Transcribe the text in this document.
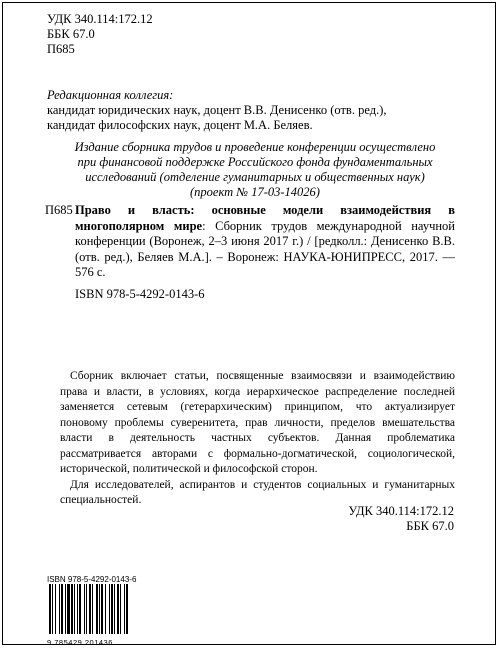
УДК 340.114:172.12
ББК 67.0
П685
Редакционная коллегия:
кандидат юридических наук, доцент В.В. Денисенко (отв. ред.),
кандидат философских наук, доцент М.А. Беляев.
Издание сборника трудов и проведение конференции осуществлено
при финансовой поддержке Российского фонда фундаментальных
исследований (отделение гуманитарных и общественных наук)
(проект № 17-03-14026)
П685 Право и власть: основные модели взаимодействия в многополярном мире: Сборник трудов международной научной конференции (Воронеж, 2–3 июня 2017 г.) / [редколл.: Денисенко В.В. (отв. ред.), Беляев М.А.]. – Воронеж: НАУКА-ЮНИПРЕСС, 2017. — 576 с.
ISBN 978-5-4292-0143-6

Сборник включает статьи, посвященные взаимосвязи и взаимодействию права и власти, в условиях, когда иерархическое распределение последней заменяется сетевым (гетерархическим) принципом, что актуализирует поновому проблемы суверенитета, прав личности, пределов вмешательства власти в деятельность частных субъектов. Данная проблематика рассматривается авторами с формально-догматической, социологической, исторической, политической и философской сторон.

Для исследователей, аспирантов и студентов социальных и гуманитарных специальностей.

УДК 340.114:172.12
ББК 67.0
ISBN 978-5-4292-0143-6
9 785429 201436
